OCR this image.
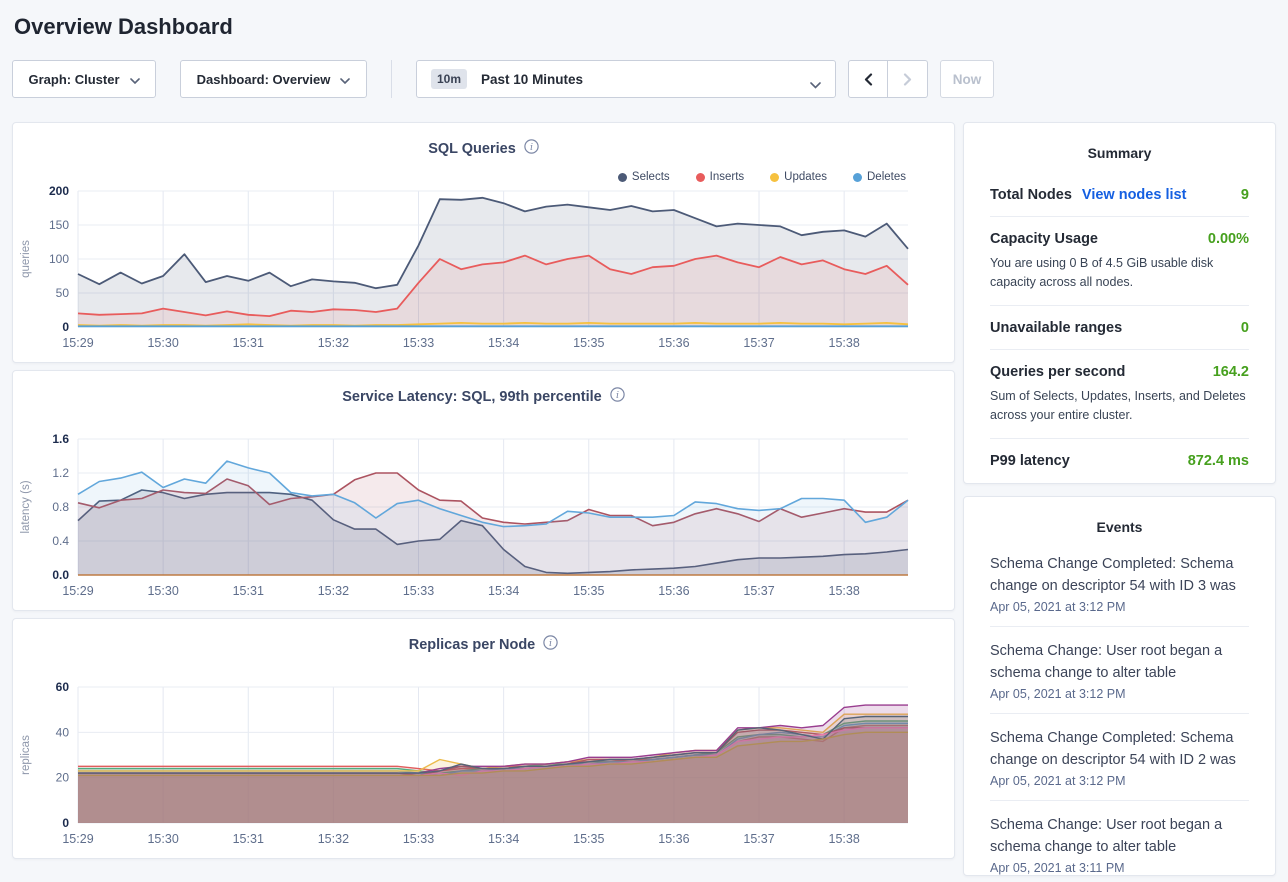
Overview Dashboard
Graph: Cluster	Dashboard: Overview	10m	Past 10 Minutes	Now
SQL Queries i
Selects	Inserts	Updates	Deletes
15:29	15:30	15:31	15:32	15:33	15:34	15:35	15:36	15:37	15:38
0
50
100
150
200
queries
Service Latency: SQL, 99th percentile i
15:29	15:30	15:31	15:32	15:33	15:34	15:35	15:36	15:37	15:38
0.0
0.4
0.8
1.2
1.6
latency (s)
Replicas per Node i
15:29	15:30	15:31	15:32	15:33	15:34	15:35	15:36	15:37	15:38
0
20
40
60
replicas
Summary
Total Nodes View nodes list	9
Capacity Usage	0.00%

You are using 0 B of 4.5 GiB usable disk capacity across all nodes.

Unavailable ranges	0
Queries per second	164.2

Sum of Selects, Updates, Inserts, and Deletes across your entire cluster.

P99 latency	872.4 ms
Events
Schema Change Completed: Schema change on descriptor 54 with ID 3 was
Apr 05, 2021 at 3:12 PM
Schema Change: User root began a schema change to alter table
Apr 05, 2021 at 3:12 PM
Schema Change Completed: Schema change on descriptor 54 with ID 2 was
Apr 05, 2021 at 3:12 PM
Schema Change: User root began a schema change to alter table
Apr 05, 2021 at 3:11 PM
